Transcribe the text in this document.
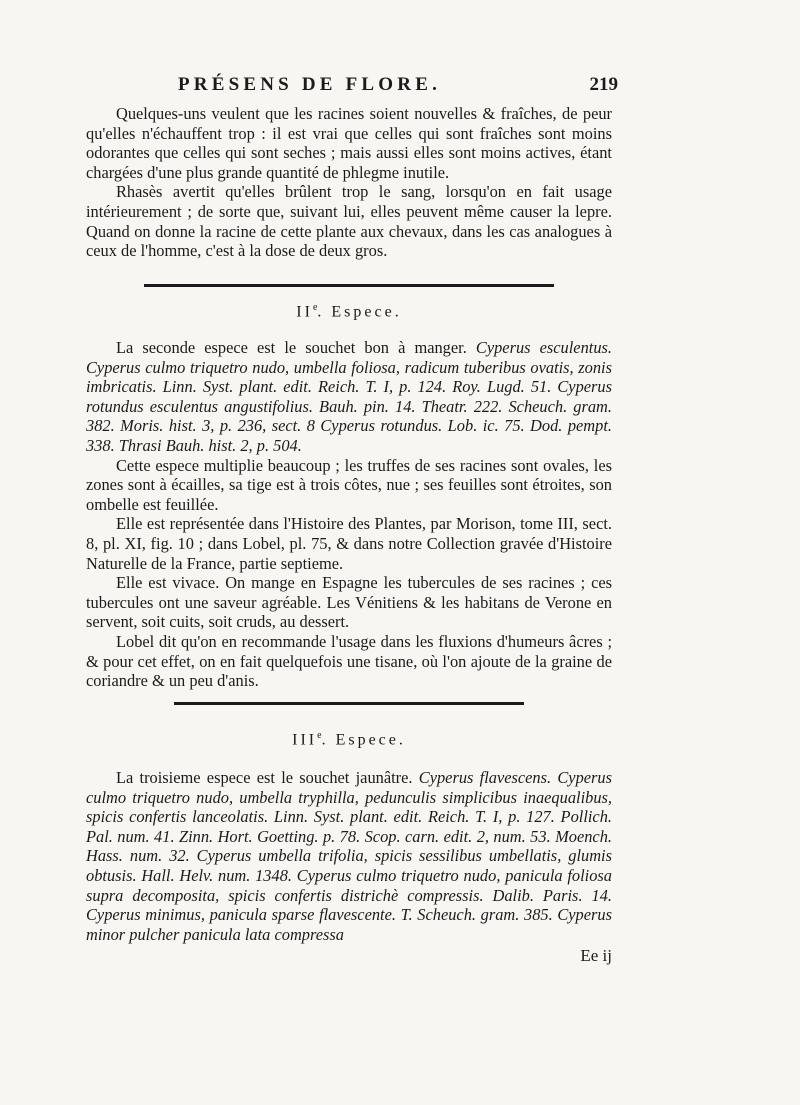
PRÉSENS DE FLORE.	219

Quelques-uns veulent que les racines soient nouvelles & fraîches, de peur qu'elles n'échauffent trop : il est vrai que celles qui sont fraîches sont moins odorantes que celles qui sont seches ; mais aussi elles sont moins actives, étant chargées d'une plus grande quantité de phlegme inutile.

Rhasès avertit qu'elles brûlent trop le sang, lorsqu'on en fait usage intérieurement ; de sorte que, suivant lui, elles peuvent même causer la lepre. Quand on donne la racine de cette plante aux chevaux, dans les cas analogues à ceux de l'homme, c'est à la dose de deux gros.

IIe. Espece.

La seconde espece est le souchet bon à manger. Cyperus esculentus. Cyperus culmo triquetro nudo, umbella foliosa, radicum tuberibus ovatis, zonis imbricatis. Linn. Syst. plant. edit. Reich. T. I, p. 124. Roy. Lugd. 51. Cyperus rotundus esculentus angustifolius. Bauh. pin. 14. Theatr. 222. Scheuch. gram. 382. Moris. hist. 3, p. 236, sect. 8 Cyperus rotundus. Lob. ic. 75. Dod. pempt. 338. Thrasi Bauh. hist. 2, p. 504.

Cette espece multiplie beaucoup ; les truffes de ses racines sont ovales, les zones sont à écailles, sa tige est à trois côtes, nue ; ses feuilles sont étroites, son ombelle est feuillée.

Elle est représentée dans l'Histoire des Plantes, par Morison, tome III, sect. 8, pl. XI, fig. 10 ; dans Lobel, pl. 75, & dans notre Collection gravée d'Histoire Naturelle de la France, partie septieme.

Elle est vivace. On mange en Espagne les tubercules de ses racines ; ces tubercules ont une saveur agréable. Les Vénitiens & les habitans de Verone en servent, soit cuits, soit cruds, au dessert.

Lobel dit qu'on en recommande l'usage dans les fluxions d'humeurs âcres ; & pour cet effet, on en fait quelquefois une tisane, où l'on ajoute de la graine de coriandre & un peu d'anis.

IIIe. Espece.

La troisieme espece est le souchet jaunâtre. Cyperus flavescens. Cyperus culmo triquetro nudo, umbella tryphilla, pedunculis simplicibus inaequalibus, spicis confertis lanceolatis. Linn. Syst. plant. edit. Reich. T. I, p. 127. Pollich. Pal. num. 41. Zinn. Hort. Goetting. p. 78. Scop. carn. edit. 2, num. 53. Moench. Hass. num. 32. Cyperus umbella trifolia, spicis sessilibus umbellatis, glumis obtusis. Hall. Helv. num. 1348. Cyperus culmo triquetro nudo, panicula foliosa supra decomposita, spicis confertis districhè compressis. Dalib. Paris. 14. Cyperus minimus, panicula sparse flavescente. T. Scheuch. gram. 385. Cyperus minor pulcher panicula lata compressa

Ee ij
